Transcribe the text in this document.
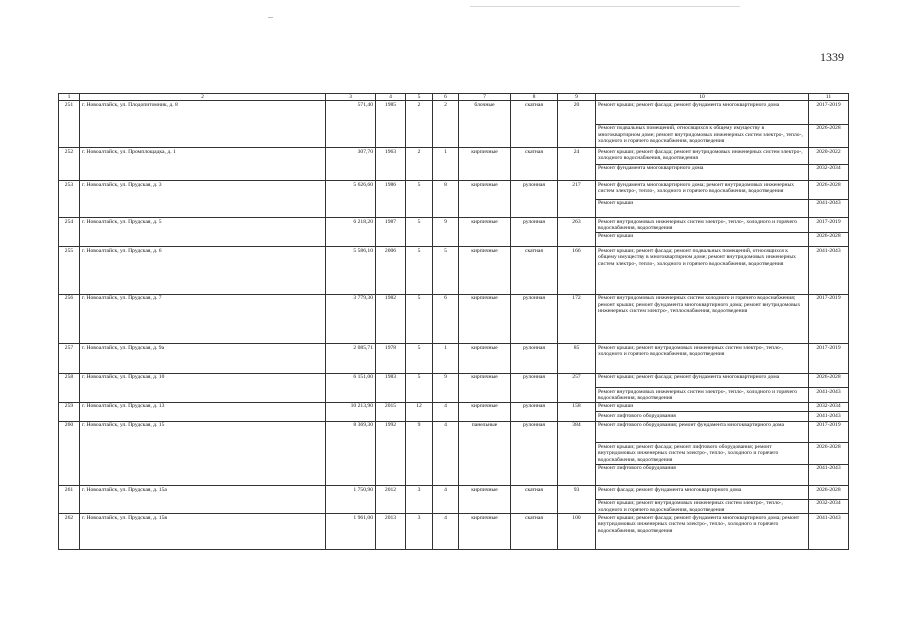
1339
1	2	3	4	5	6	7	8	9	10	11
251	г. Новоалтайск, ул. Плодопитомник, д. 8	571,40	1985	2	2	блочные	скатная	20	Ремонт крыши; ремонт фасада; ремонт фундамента многоквартирного дома	2017-2019
									Ремонт подвальных помещений, относящихся к общему имуществу в многоквартирном доме; ремонт внутридомовых инженерных систем электро-, тепло-, холодного и горячего водоснабжения, водоотведения	2026-2028
252	г. Новоалтайск, ул. Промплощадка, д. 1	307,70	1963	2	1	кирпичные	скатная	24	Ремонт крыши; ремонт фасада; ремонт внутридомовых инженерных систем электро-, холодного водоснабжения, водоотведения	2020-2022
									Ремонт фундамента многоквартирного дома	2032-2034
253	г. Новоалтайск, ул. Прудская, д. 3	5 626,60	1986	5	8	кирпичные	рулонная	217	Ремонт фундамента многоквартирного дома; ремонт внутридомовых инженерных систем электро-, тепло-, холодного и горячего водоснабжения, водоотведения	2026-2028
									Ремонт крыши	2041-2043
254	г. Новоалтайск, ул. Прудская, д. 5	6 218,20	1987	5	9	кирпичные	рулонная	263	Ремонт внутридомовых инженерных систем электро-, тепло-, холодного и горячего водоснабжения, водоотведения	2017-2019
									Ремонт крыши	2026-2028
255	г. Новоалтайск, ул. Прудская, д. 6	5 586,10	2006	5	5	кирпичные	скатная	166	Ремонт крыши; ремонт фасада; ремонт подвальных помещений, относящихся к общему имуществу в многоквартирном доме; ремонт внутридомовых инженерных систем электро-, тепло-, холодного и горячего водоснабжения, водоотведения	2041-2043
256	г. Новоалтайск, ул. Прудская, д. 7	3 779,30	1982	5	6	кирпичные	рулонная	172	Ремонт внутридомовых инженерных систем холодного и горячего водоснабжения; ремонт крыши; ремонт фундамента многоквартирного дома; ремонт внутридомовых инженерных систем электро-, теплоснабжения, водоотведения	2017-2019
257	г. Новоалтайск, ул. Прудская, д. 9а	2 085,71	1978	5	1	кирпичные	рулонная	85	Ремонт крыши; ремонт внутридомовых инженерных систем электро-, тепло-, холодного и горячего водоснабжения, водоотведения	2017-2019
258	г. Новоалтайск, ул. Прудская, д. 10	6 151,00	1983	5	9	кирпичные	рулонная	257	Ремонт крыши; ремонт фасада; ремонт фундамента многоквартирного дома	2026-2028
									Ремонт внутридомовых инженерных систем электро-, тепло-, холодного и горячего водоснабжения, водоотведения	2041-2043
259	г. Новоалтайск, ул. Прудская, д. 13	10 213,90	2015	12	4	кирпичные	рулонная	158	Ремонт крыши	2032-2034
									Ремонт лифтового оборудования	2041-2043
260	г. Новоалтайск, ул. Прудская, д. 15	8 369,30	1992	9	4	панельные	рулонная	384	Ремонт лифтового оборудования; ремонт фундамента многоквартирного дома	2017-2019
									Ремонт крыши; ремонт фасада; ремонт лифтового оборудования; ремонт внутридомовых инженерных систем электро-, тепло-, холодного и горячего водоснабжения, водоотведения	2026-2028
									Ремонт лифтового оборудования	2041-2043
261	г. Новоалтайск, ул. Прудская, д. 15а	1 750,90	2012	3	4	кирпичные	скатная	93	Ремонт фасада; ремонт фундамента многоквартирного дома	2026-2028
									Ремонт крыши; ремонт внутридомовых инженерных систем электро-, тепло-, холодного и горячего водоснабжения, водоотведения	2032-2034
262	г. Новоалтайск, ул. Прудская, д. 15в	1 961,00	2013	3	4	кирпичные	скатная	100	Ремонт крыши; ремонт фасада; ремонт фундамента многоквартирного дома; ремонт внутридомовых инженерных систем электро-, тепло-, холодного и горячего водоснабжения, водоотведения	2041-2043
